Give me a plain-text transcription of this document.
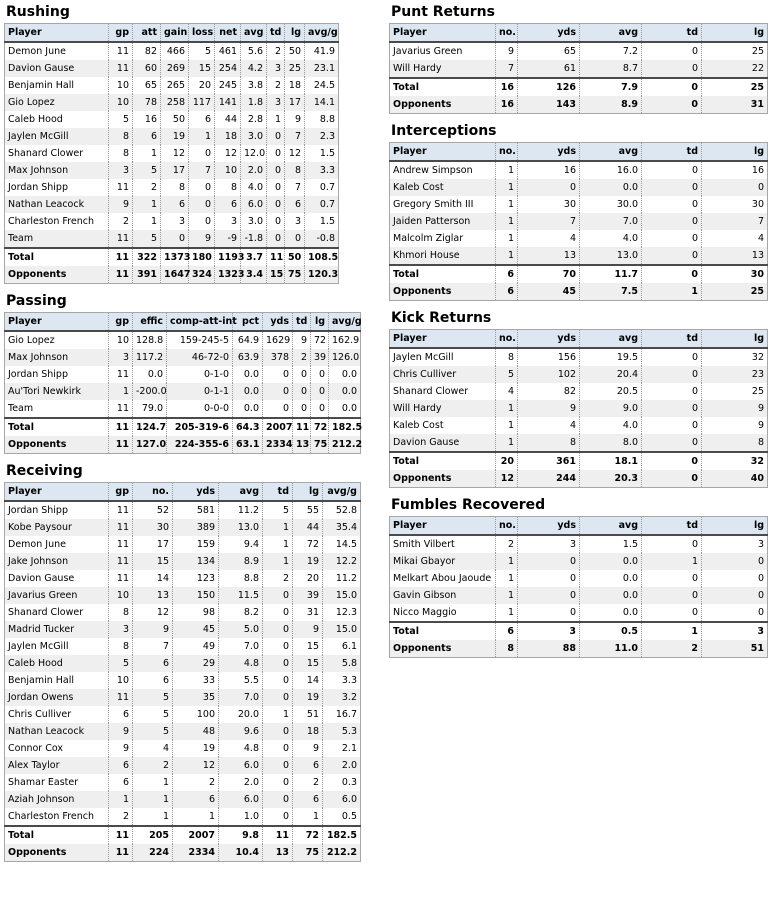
Rushing
Player	gp	att	gain	loss	net	avg	td	lg	avg/g
Demon June	11	82	466	5	461	5.6	2	50	41.9
Davion Gause	11	60	269	15	254	4.2	3	25	23.1
Benjamin Hall	10	65	265	20	245	3.8	2	18	24.5
Gio Lopez	10	78	258	117	141	1.8	3	17	14.1
Caleb Hood	5	16	50	6	44	2.8	1	9	8.8
Jaylen McGill	8	6	19	1	18	3.0	0	7	2.3
Shanard Clower	8	1	12	0	12	12.0	0	12	1.5
Max Johnson	3	5	17	7	10	2.0	0	8	3.3
Jordan Shipp	11	2	8	0	8	4.0	0	7	0.7
Nathan Leacock	9	1	6	0	6	6.0	0	6	0.7
Charleston French	2	1	3	0	3	3.0	0	3	1.5
Team	11	5	0	9	-9	-1.8	0	0	-0.8
Total	11	322	1373	180	1193	3.7	11	50	108.5
Opponents	11	391	1647	324	1323	3.4	15	75	120.3
Passing
Player	gp	effic	comp-att-int	pct	yds	td	lg	avg/g
Gio Lopez	10	128.8	159-245-5	64.9	1629	9	72	162.9
Max Johnson	3	117.2	46-72-0	63.9	378	2	39	126.0
Jordan Shipp	11	0.0	0-1-0	0.0	0	0	0	0.0
Au'Tori Newkirk	1	-200.0	0-1-1	0.0	0	0	0	0.0
Team	11	79.0	0-0-0	0.0	0	0	0	0.0
Total	11	124.7	205-319-6	64.3	2007	11	72	182.5
Opponents	11	127.0	224-355-6	63.1	2334	13	75	212.2
Receiving
Player	gp	no.	yds	avg	td	lg	avg/g
Jordan Shipp	11	52	581	11.2	5	55	52.8
Kobe Paysour	11	30	389	13.0	1	44	35.4
Demon June	11	17	159	9.4	1	72	14.5
Jake Johnson	11	15	134	8.9	1	19	12.2
Davion Gause	11	14	123	8.8	2	20	11.2
Javarius Green	10	13	150	11.5	0	39	15.0
Shanard Clower	8	12	98	8.2	0	31	12.3
Madrid Tucker	3	9	45	5.0	0	9	15.0
Jaylen McGill	8	7	49	7.0	0	15	6.1
Caleb Hood	5	6	29	4.8	0	15	5.8
Benjamin Hall	10	6	33	5.5	0	14	3.3
Jordan Owens	11	5	35	7.0	0	19	3.2
Chris Culliver	6	5	100	20.0	1	51	16.7
Nathan Leacock	9	5	48	9.6	0	18	5.3
Connor Cox	9	4	19	4.8	0	9	2.1
Alex Taylor	6	2	12	6.0	0	6	2.0
Shamar Easter	6	1	2	2.0	0	2	0.3
Aziah Johnson	1	1	6	6.0	0	6	6.0
Charleston French	2	1	1	1.0	0	1	0.5
Total	11	205	2007	9.8	11	72	182.5
Opponents	11	224	2334	10.4	13	75	212.2
Punt Returns
Player	no.	yds	avg	td	lg
Javarius Green	9	65	7.2	0	25
Will Hardy	7	61	8.7	0	22
Total	16	126	7.9	0	25
Opponents	16	143	8.9	0	31
Interceptions
Player	no.	yds	avg	td	lg
Andrew Simpson	1	16	16.0	0	16
Kaleb Cost	1	0	0.0	0	0
Gregory Smith III	1	30	30.0	0	30
Jaiden Patterson	1	7	7.0	0	7
Malcolm Ziglar	1	4	4.0	0	4
Khmori House	1	13	13.0	0	13
Total	6	70	11.7	0	30
Opponents	6	45	7.5	1	25
Kick Returns
Player	no.	yds	avg	td	lg
Jaylen McGill	8	156	19.5	0	32
Chris Culliver	5	102	20.4	0	23
Shanard Clower	4	82	20.5	0	25
Will Hardy	1	9	9.0	0	9
Kaleb Cost	1	4	4.0	0	9
Davion Gause	1	8	8.0	0	8
Total	20	361	18.1	0	32
Opponents	12	244	20.3	0	40
Fumbles Recovered
Player	no.	yds	avg	td	lg
Smith Vilbert	2	3	1.5	0	3
Mikai Gbayor	1	0	0.0	1	0
Melkart Abou Jaoude	1	0	0.0	0	0
Gavin Gibson	1	0	0.0	0	0
Nicco Maggio	1	0	0.0	0	0
Total	6	3	0.5	1	3
Opponents	8	88	11.0	2	51
